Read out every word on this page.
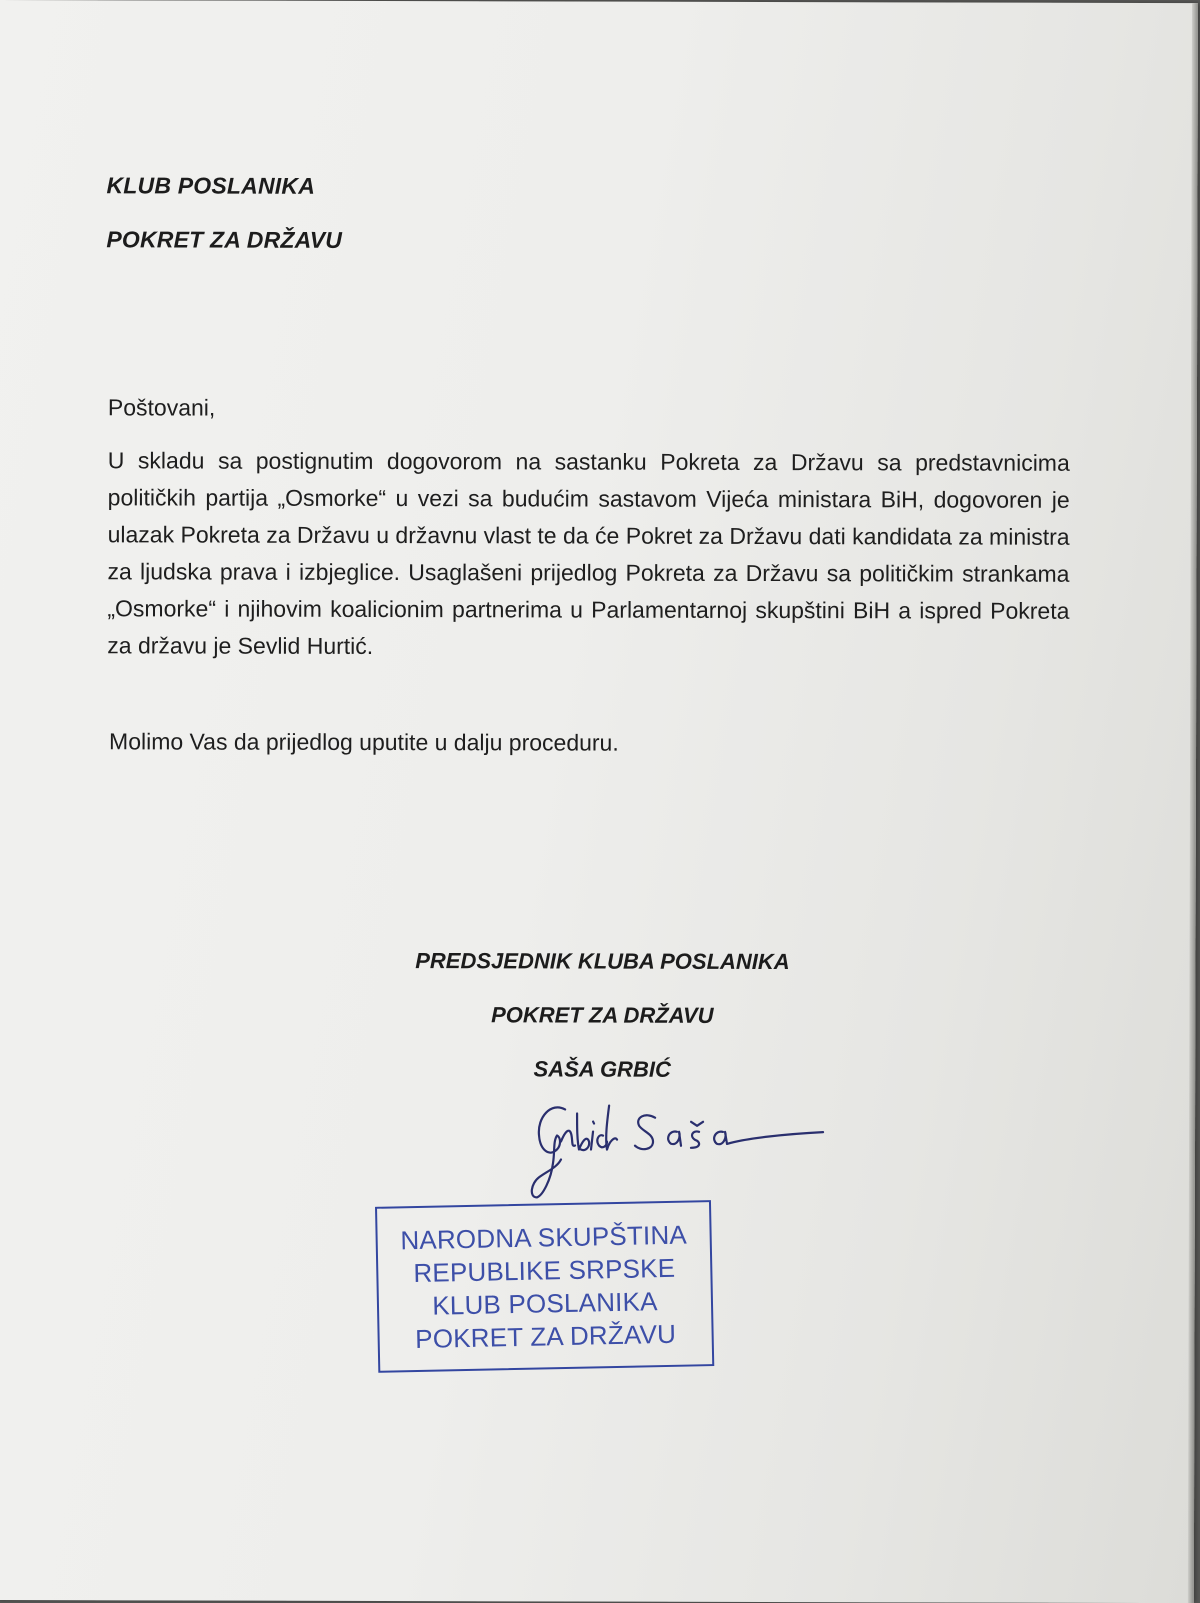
KLUB POSLANIKA

POKRET ZA DRŽAVU

Poštovani,

U skladu sa postignutim dogovorom na sastanku Pokreta za Državu sa predstavnicima političkih partija „Osmorke“ u vezi sa budućim sastavom Vijeća ministara BiH, dogovoren je ulazak Pokreta za Državu u državnu vlast te da će Pokret za Državu dati kandidata za ministra za ljudska prava i izbjeglice. Usaglašeni prijedlog Pokreta za Državu sa političkim strankama „Osmorke“ i njihovim koalicionim partnerima u Parlamentarnoj skupštini BiH a ispred Pokreta za državu je Sevlid Hurtić.

Molimo Vas da prijedlog uputite u dalju proceduru.

PREDSJEDNIK KLUBA POSLANIKA

POKRET ZA DRŽAVU

SAŠA GRBIĆ

NARODNA SKUPŠTINA

REPUBLIKE SRPSKE

KLUB POSLANIKA

POKRET ZA DRŽAVU
